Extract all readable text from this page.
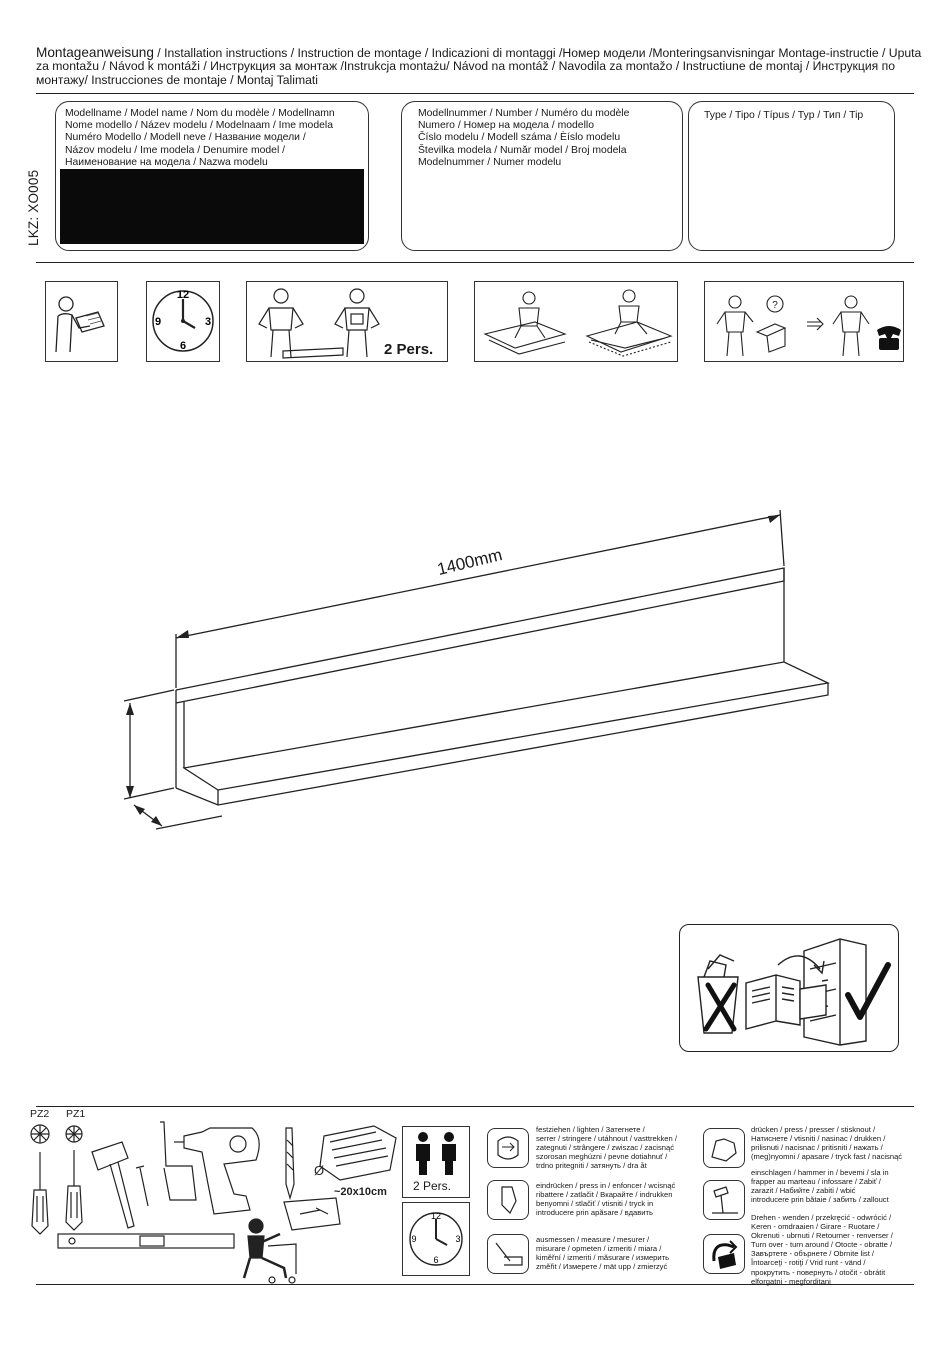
Montageanweisung / Installation instructions / Instruction de montage / Indicazioni di montaggi /Номер модели /Monteringsanvisningar Montage-instructie / Uputa za montažu / Návod k montáži / Инструкция за монтаж /Instrukcja montażu/ Návod na montáž / Navodila za montažo / Instructiune de montaj / Инструкция по монтажу/ Instrucciones de montaje / Montaj Talimati
LKZ: XO005
Modellname / Model name / Nom du modèle / Modellnamn
Nome modello / Název modelu / Modelnaam / Ime modela
Numéro Modello / Modell neve / Название модели /
Názov modelu / Ime modela / Denumire model /
Наименование на модела / Nazwa modelu
Modellnummer / Number / Numéro du modèle
Numero / Номер на модела / modello
Číslo modelu / Modell száma / Èíslo modelu
Številka modela / Număr model / Broj modela
Modelnummer / Numer modelu
Type / Tipo / Típus / Typ / Тип / Tip
12
3
6
9
2 Pers.
?
1400mm
PZ2 PZ1
Ø
~20x10cm 2 Pers.
12
3
6
9
festziehen / lighten / Затегнете /
serrer / stringere / utáhnout / vasttrekken /
zategnuti / strângere / zwiszac / zacisnąć
szorosan meghúzni / pevne dotiahnuť /
trdno pritegniti / затянуть / dra åt
eindrücken / press in / enfoncer / wcisnąć
ribattere / zatlačit / Вкарайте / indrukken
benyomni / stlačiť / vtisniti / tryck in
introducere prin apăsare / вдавить
ausmessen / measure / mesurer /
misurare / opmeten / izmeriti / miara /
kiměřní / izmeriti / măsurare / измерить
změřit / Измерете / mät upp / zmierzyć
drücken / press / presser / stisknout /
Натиснете / vtisniti / nasinac / drukken /
prilisnuti / nacisnac / pritisniti / нажать /
(meg)nyomni / apasare / tryck fast / nacisnąć
einschlagen / hammer in / bevemi / sla in
frapper au marteau / infossare / Zabiť /
zarazit / Набийте / zabiti / wbić
introducere prin bătaie / забить / zallouct
Drehen - wenden / przekręcić - odwrócić /
Keren - omdraaien / Girare - Ruotare /
Okrenuti - ubrnuti / Retourner - renverser /
Turn over - turn around / Otocte - obratte /
Завъртете - обърнете / Obrnite list /
Întoarceţi - rotiţi / Vrid runt - vänd /
прокрутить - повернуть / otočit - obrátit
elforgatni - megforditani
